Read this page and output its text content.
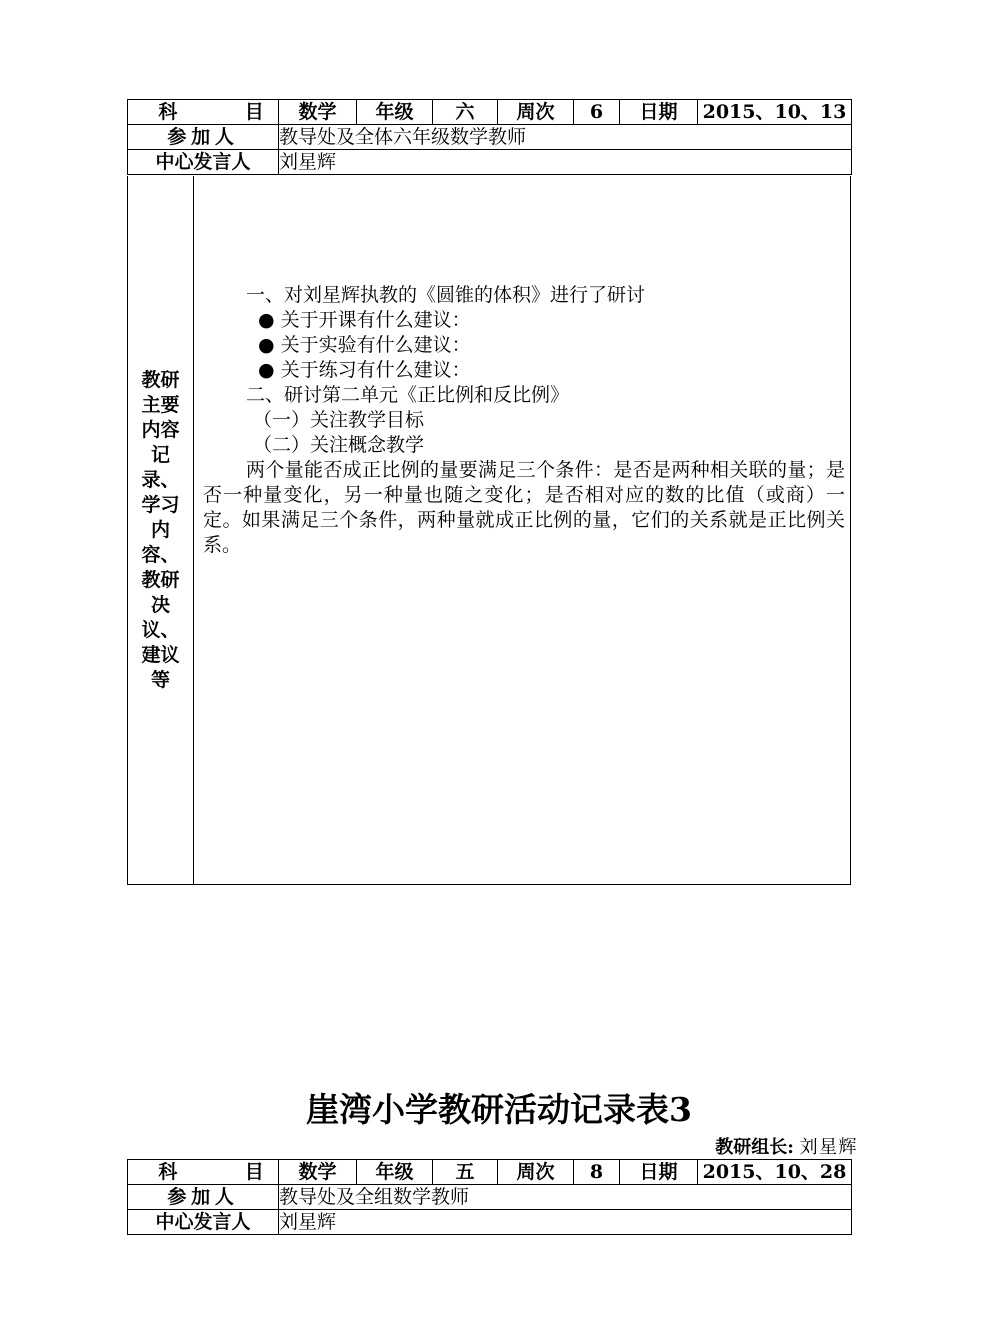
科 目	数学	年级	六	周次	6	日期	2015、10、13
参加人	教导处及全体六年级数学教师						
中心发言人	刘星辉						
教研主要内容记录、学习内容、教研决议、建议等
一、对刘星辉执教的《圆锥的体积》进行了研讨
● 关于开课有什么建议：
● 关于实验有什么建议：
● 关于练习有什么建议：
二、研讨第二单元《正比例和反比例》
（一）关注教学目标
（二）关注概念教学
两个量能否成正比例的量要满足三个条件：是否是两种相关联的量；是否一种量变化，另一种量也随之变化；是否相对应的数的比值（或商）一定。如果满足三个条件，两种量就成正比例的量，它们的关系就是正比例关系。
崖湾小学教研活动记录表3
教研组长: 刘星辉
科 目	数学	年级	五	周次	8	日期	2015、10、28
参加人	教导处及全组数学教师						
中心发言人	刘星辉						
